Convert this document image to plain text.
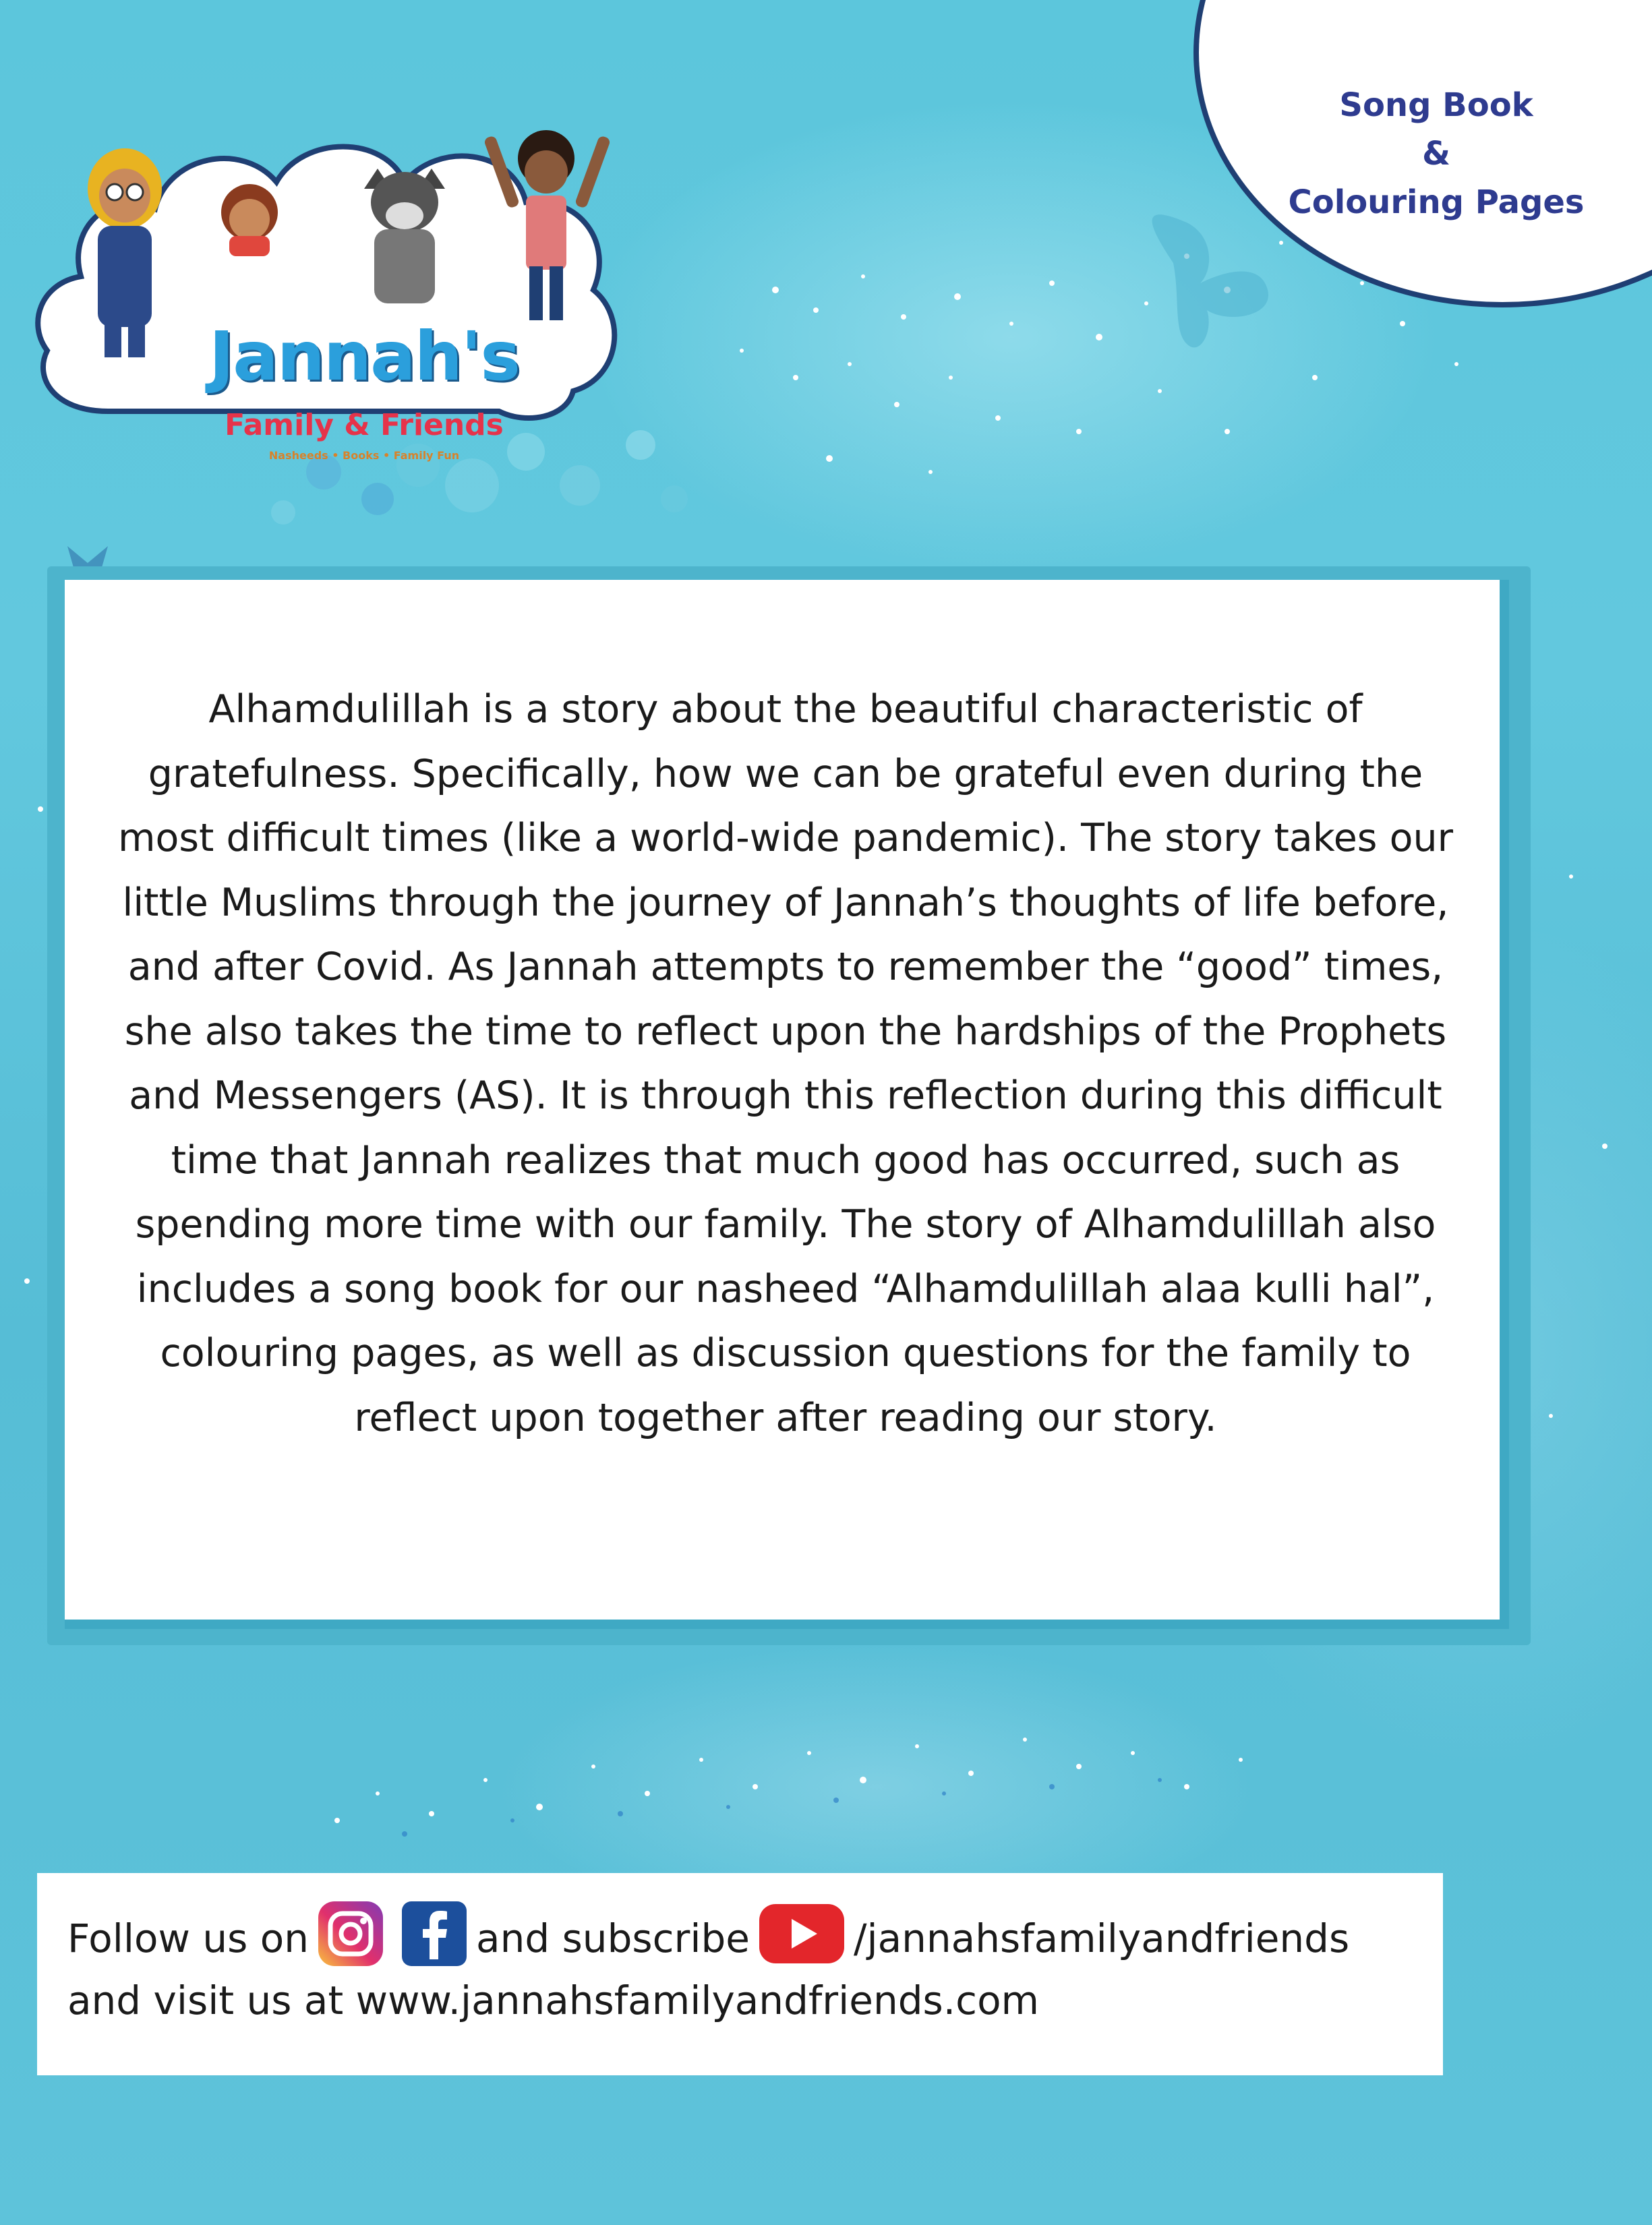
Jannah's
Family & Friends
Nasheeds • Books • Family Fun
Song Book
&
Colouring Pages

Alhamdulillah is a story about the beautiful characteristic of gratefulness. Specifically, how we can be grateful even during the most difficult times (like a world-wide pandemic). The story takes our little Muslims through the journey of Jannah’s thoughts of life before, and after Covid. As Jannah attempts to remember the “good” times, she also takes the time to reflect upon the hardships of the Prophets and Messengers (AS). It is through this reflection during this difficult time that Jannah realizes that much good has occurred, such as spending more time with our family. The story of Alhamdulillah also includes a song book for our nasheed “Alhamdulillah alaa kulli hal”, colouring pages, as well as discussion questions for the family to reflect upon together after reading our story.

Follow us on	and subscribe	/jannahsfamilyandfriends
and visit us at www.jannahsfamilyandfriends.com
